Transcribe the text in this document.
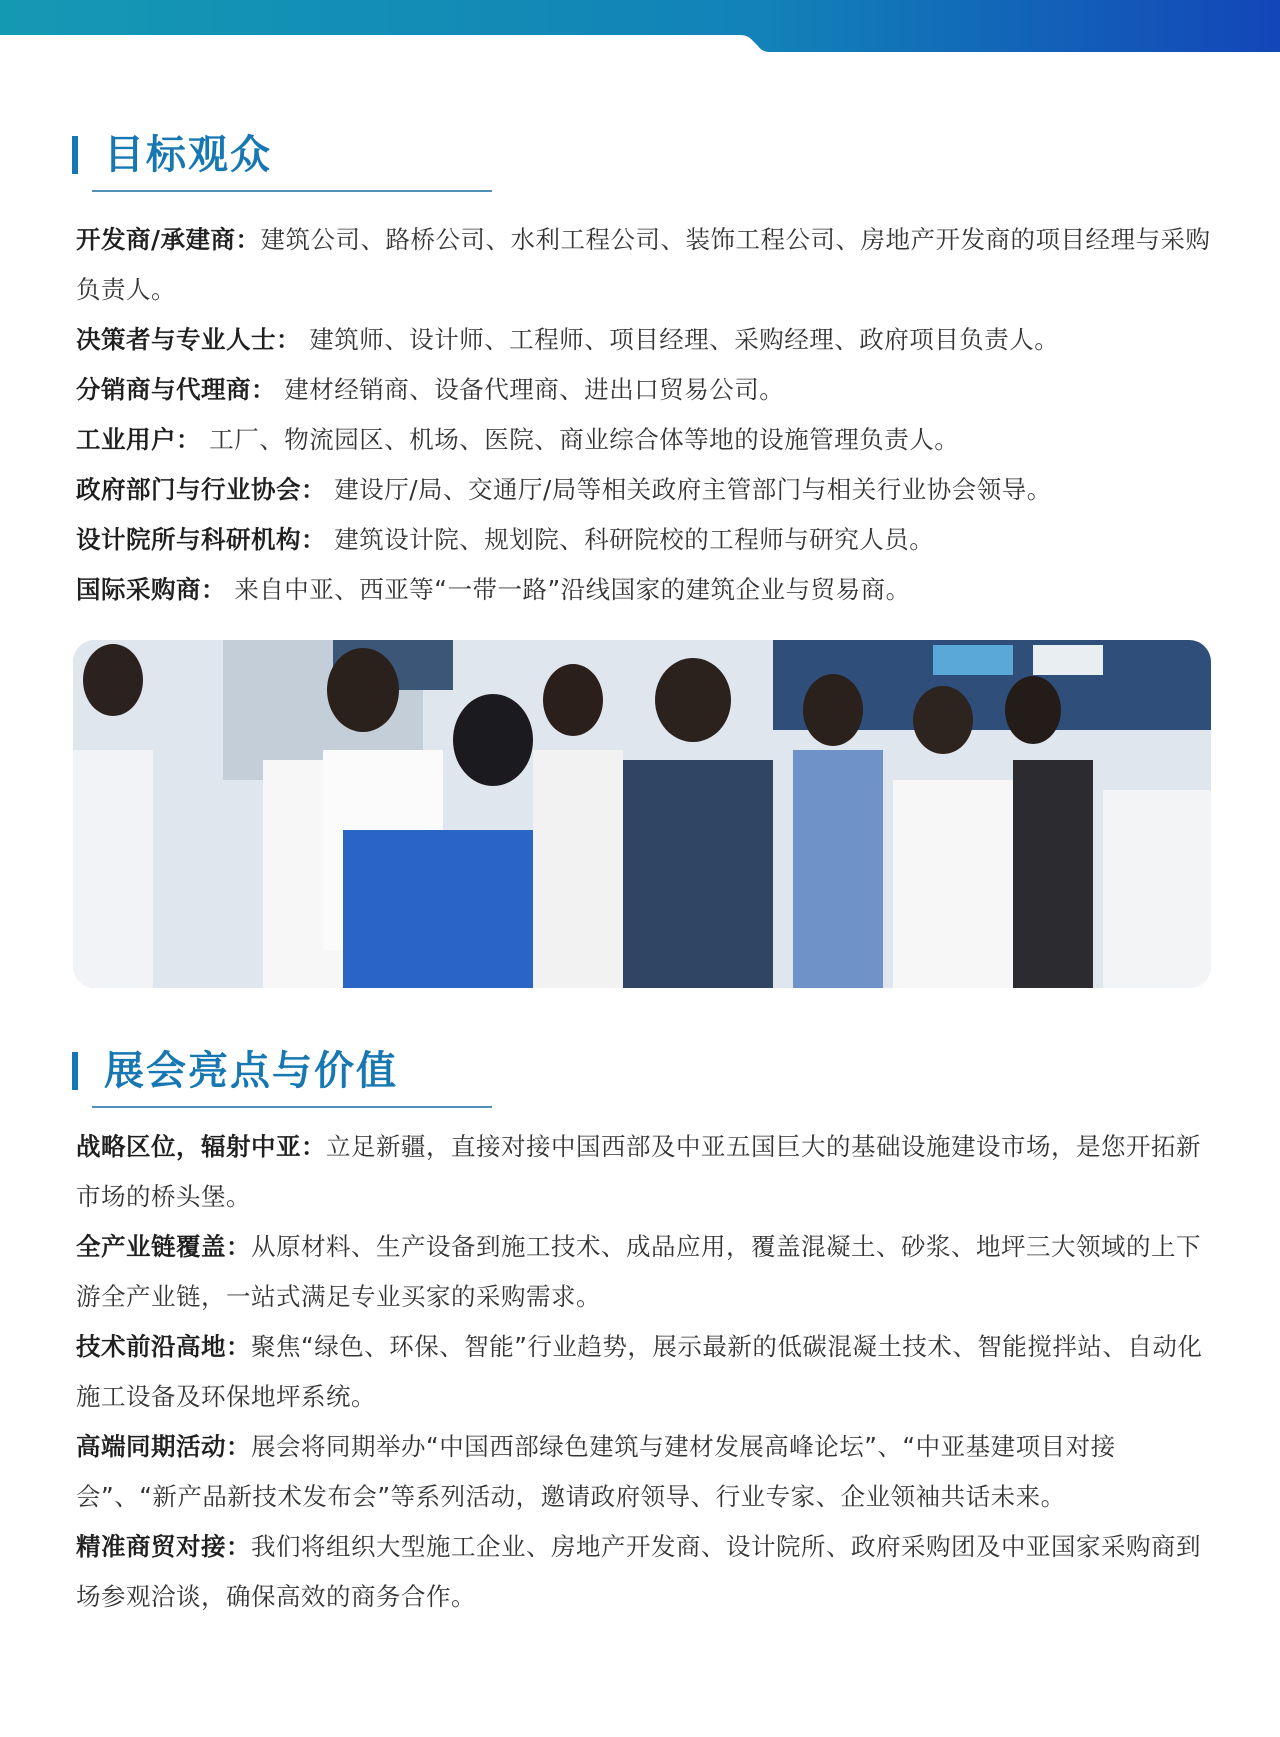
目标观众

开发商/承建商：建筑公司、路桥公司、水利工程公司、装饰工程公司、房地产开发商的项目经理与采购负责人。

决策者与专业人士： 建筑师、设计师、工程师、项目经理、采购经理、政府项目负责人。

分销商与代理商： 建材经销商、设备代理商、进出口贸易公司。

工业用户： 工厂、物流园区、机场、医院、商业综合体等地的设施管理负责人。

政府部门与行业协会： 建设厅/局、交通厅/局等相关政府主管部门与相关行业协会领导。

设计院所与科研机构： 建筑设计院、规划院、科研院校的工程师与研究人员。

国际采购商： 来自中亚、西亚等“一带一路”沿线国家的建筑企业与贸易商。

展会亮点与价值

战略区位，辐射中亚：立足新疆，直接对接中国西部及中亚五国巨大的基础设施建设市场，是您开拓新市场的桥头堡。

全产业链覆盖：从原材料、生产设备到施工技术、成品应用，覆盖混凝土、砂浆、地坪三大领域的上下游全产业链，一站式满足专业买家的采购需求。

技术前沿高地：聚焦“绿色、环保、智能”行业趋势，展示最新的低碳混凝土技术、智能搅拌站、自动化施工设备及环保地坪系统。

高端同期活动：展会将同期举办“中国西部绿色建筑与建材发展高峰论坛”、“中亚基建项目对接会”、“新产品新技术发布会”等系列活动，邀请政府领导、行业专家、企业领袖共话未来。

精准商贸对接：我们将组织大型施工企业、房地产开发商、设计院所、政府采购团及中亚国家采购商到场参观洽谈，确保高效的商务合作。
